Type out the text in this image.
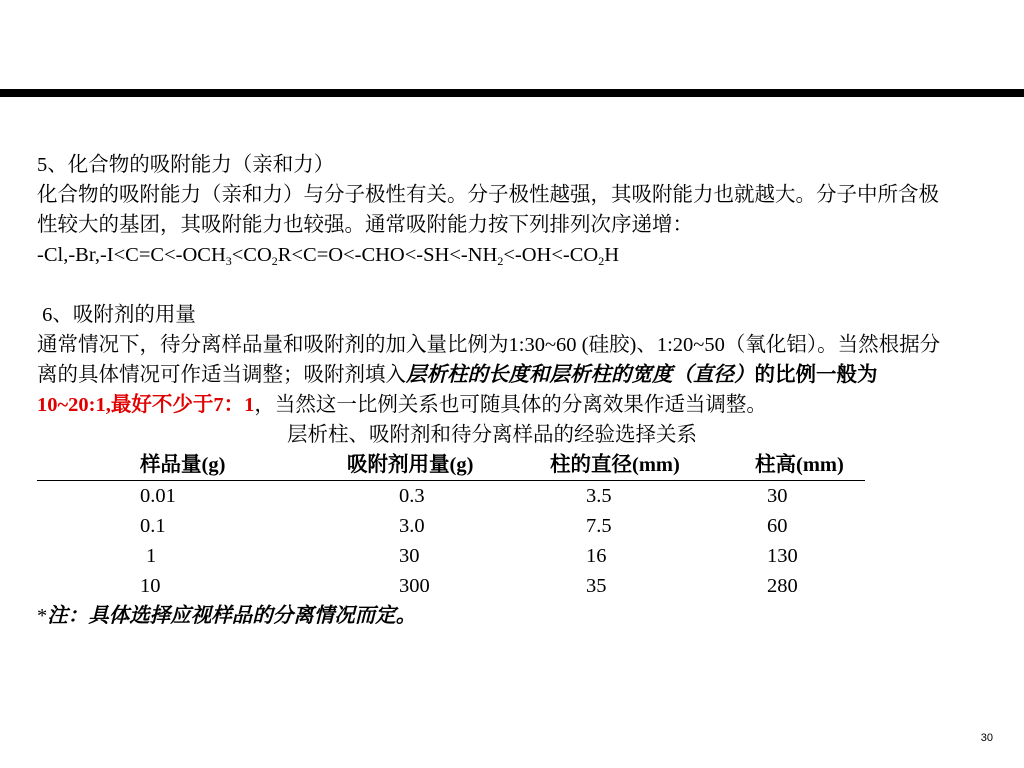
5、化合物的吸附能力（亲和力）
化合物的吸附能力（亲和力）与分子极性有关。分子极性越强，其吸附能力也就越大。分子中所含极性较大的基团，其吸附能力也较强。通常吸附能力按下列排列次序递增：
$-Cl,-Br,-I<C=C<-OCH_3<CO_2R<C=O<-CHO<-SH<-NH_2<-OH<-CO_2H$
6、吸附剂的用量
通常情况下，待分离样品量和吸附剂的加入量比例为1:30~60 (硅胶)、1:20~50（氧化铝）。当然根据分离的具体情况可作适当调整；吸附剂填入层析柱的长度和层析柱的宽度（直径）的比例一般为10~20:1,最好不少于7：1，当然这一比例关系也可随具体的分离效果作适当调整。
层析柱、吸附剂和待分离样品的经验选择关系
样品量(g)	吸附剂用量(g)	柱的直径(mm)	柱高(mm)
0.01	0.3	3.5	30
0.1	3.0	7.5	60
1	30	16	130
10	300	35	280
*注：具体选择应视样品的分离情况而定。
30
